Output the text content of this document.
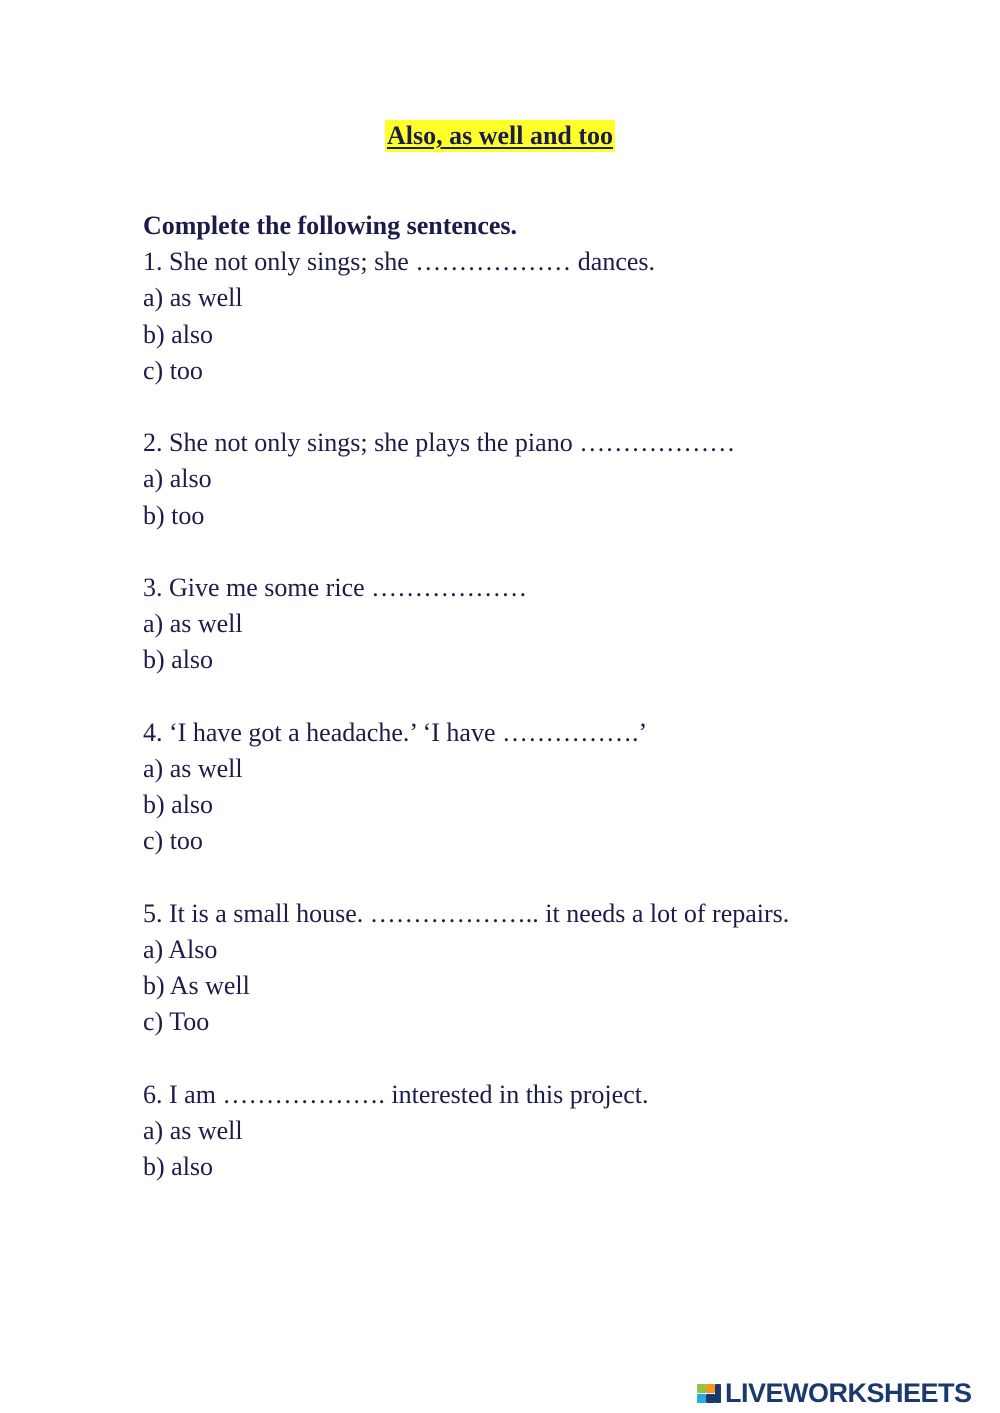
Also, as well and too
Complete the following sentences.
1. She not only sings; she ……………… dances.
a) as well
b) also
c) too
2. She not only sings; she plays the piano ………………
a) also
b) too
3. Give me some rice ………………
a) as well
b) also
4. ‘I have got a headache.’ ‘I have …………….’
a) as well
b) also
c) too
5. It is a small house. ……………….. it needs a lot of repairs.
a) Also
b) As well
c) Too
6. I am ………………. interested in this project.
a) as well
b) also
LIVEWORKSHEETS
